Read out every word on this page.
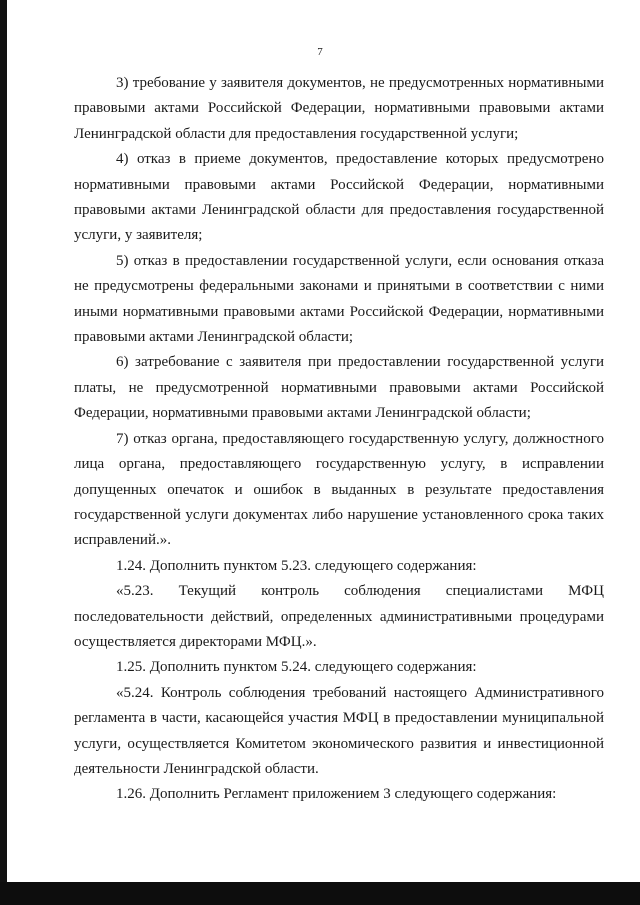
7

3) требование у заявителя документов, не предусмотренных нормативными правовыми актами Российской Федерации, нормативными правовыми актами Ленинградской области для предоставления государственной услуги;

4) отказ в приеме документов, предоставление которых предусмотрено нормативными правовыми актами Российской Федерации, нормативными правовыми актами Ленинградской области для предоставления государственной услуги, у заявителя;

5) отказ в предоставлении государственной услуги, если основания отказа не предусмотрены федеральными законами и принятыми в соответствии с ними иными нормативными правовыми актами Российской Федерации, нормативными правовыми актами Ленинградской области;

6) затребование с заявителя при предоставлении государственной услуги платы, не предусмотренной нормативными правовыми актами Российской Федерации, нормативными правовыми актами Ленинградской области;

7) отказ органа, предоставляющего государственную услугу, должностного лица органа, предоставляющего государственную услугу, в исправлении допущенных опечаток и ошибок в выданных в результате предоставления государственной услуги документах либо нарушение установленного срока таких исправлений.».

1.24. Дополнить пунктом 5.23. следующего содержания:

«5.23. Текущий контроль соблюдения специалистами МФЦ последовательности действий, определенных административными процедурами осуществляется директорами МФЦ.».

1.25. Дополнить пунктом 5.24. следующего содержания:

«5.24. Контроль соблюдения требований настоящего Административного регламента в части, касающейся участия МФЦ в предоставлении муниципальной услуги, осуществляется Комитетом экономического развития и инвестиционной деятельности Ленинградской области.

1.26. Дополнить Регламент приложением 3 следующего содержания:
